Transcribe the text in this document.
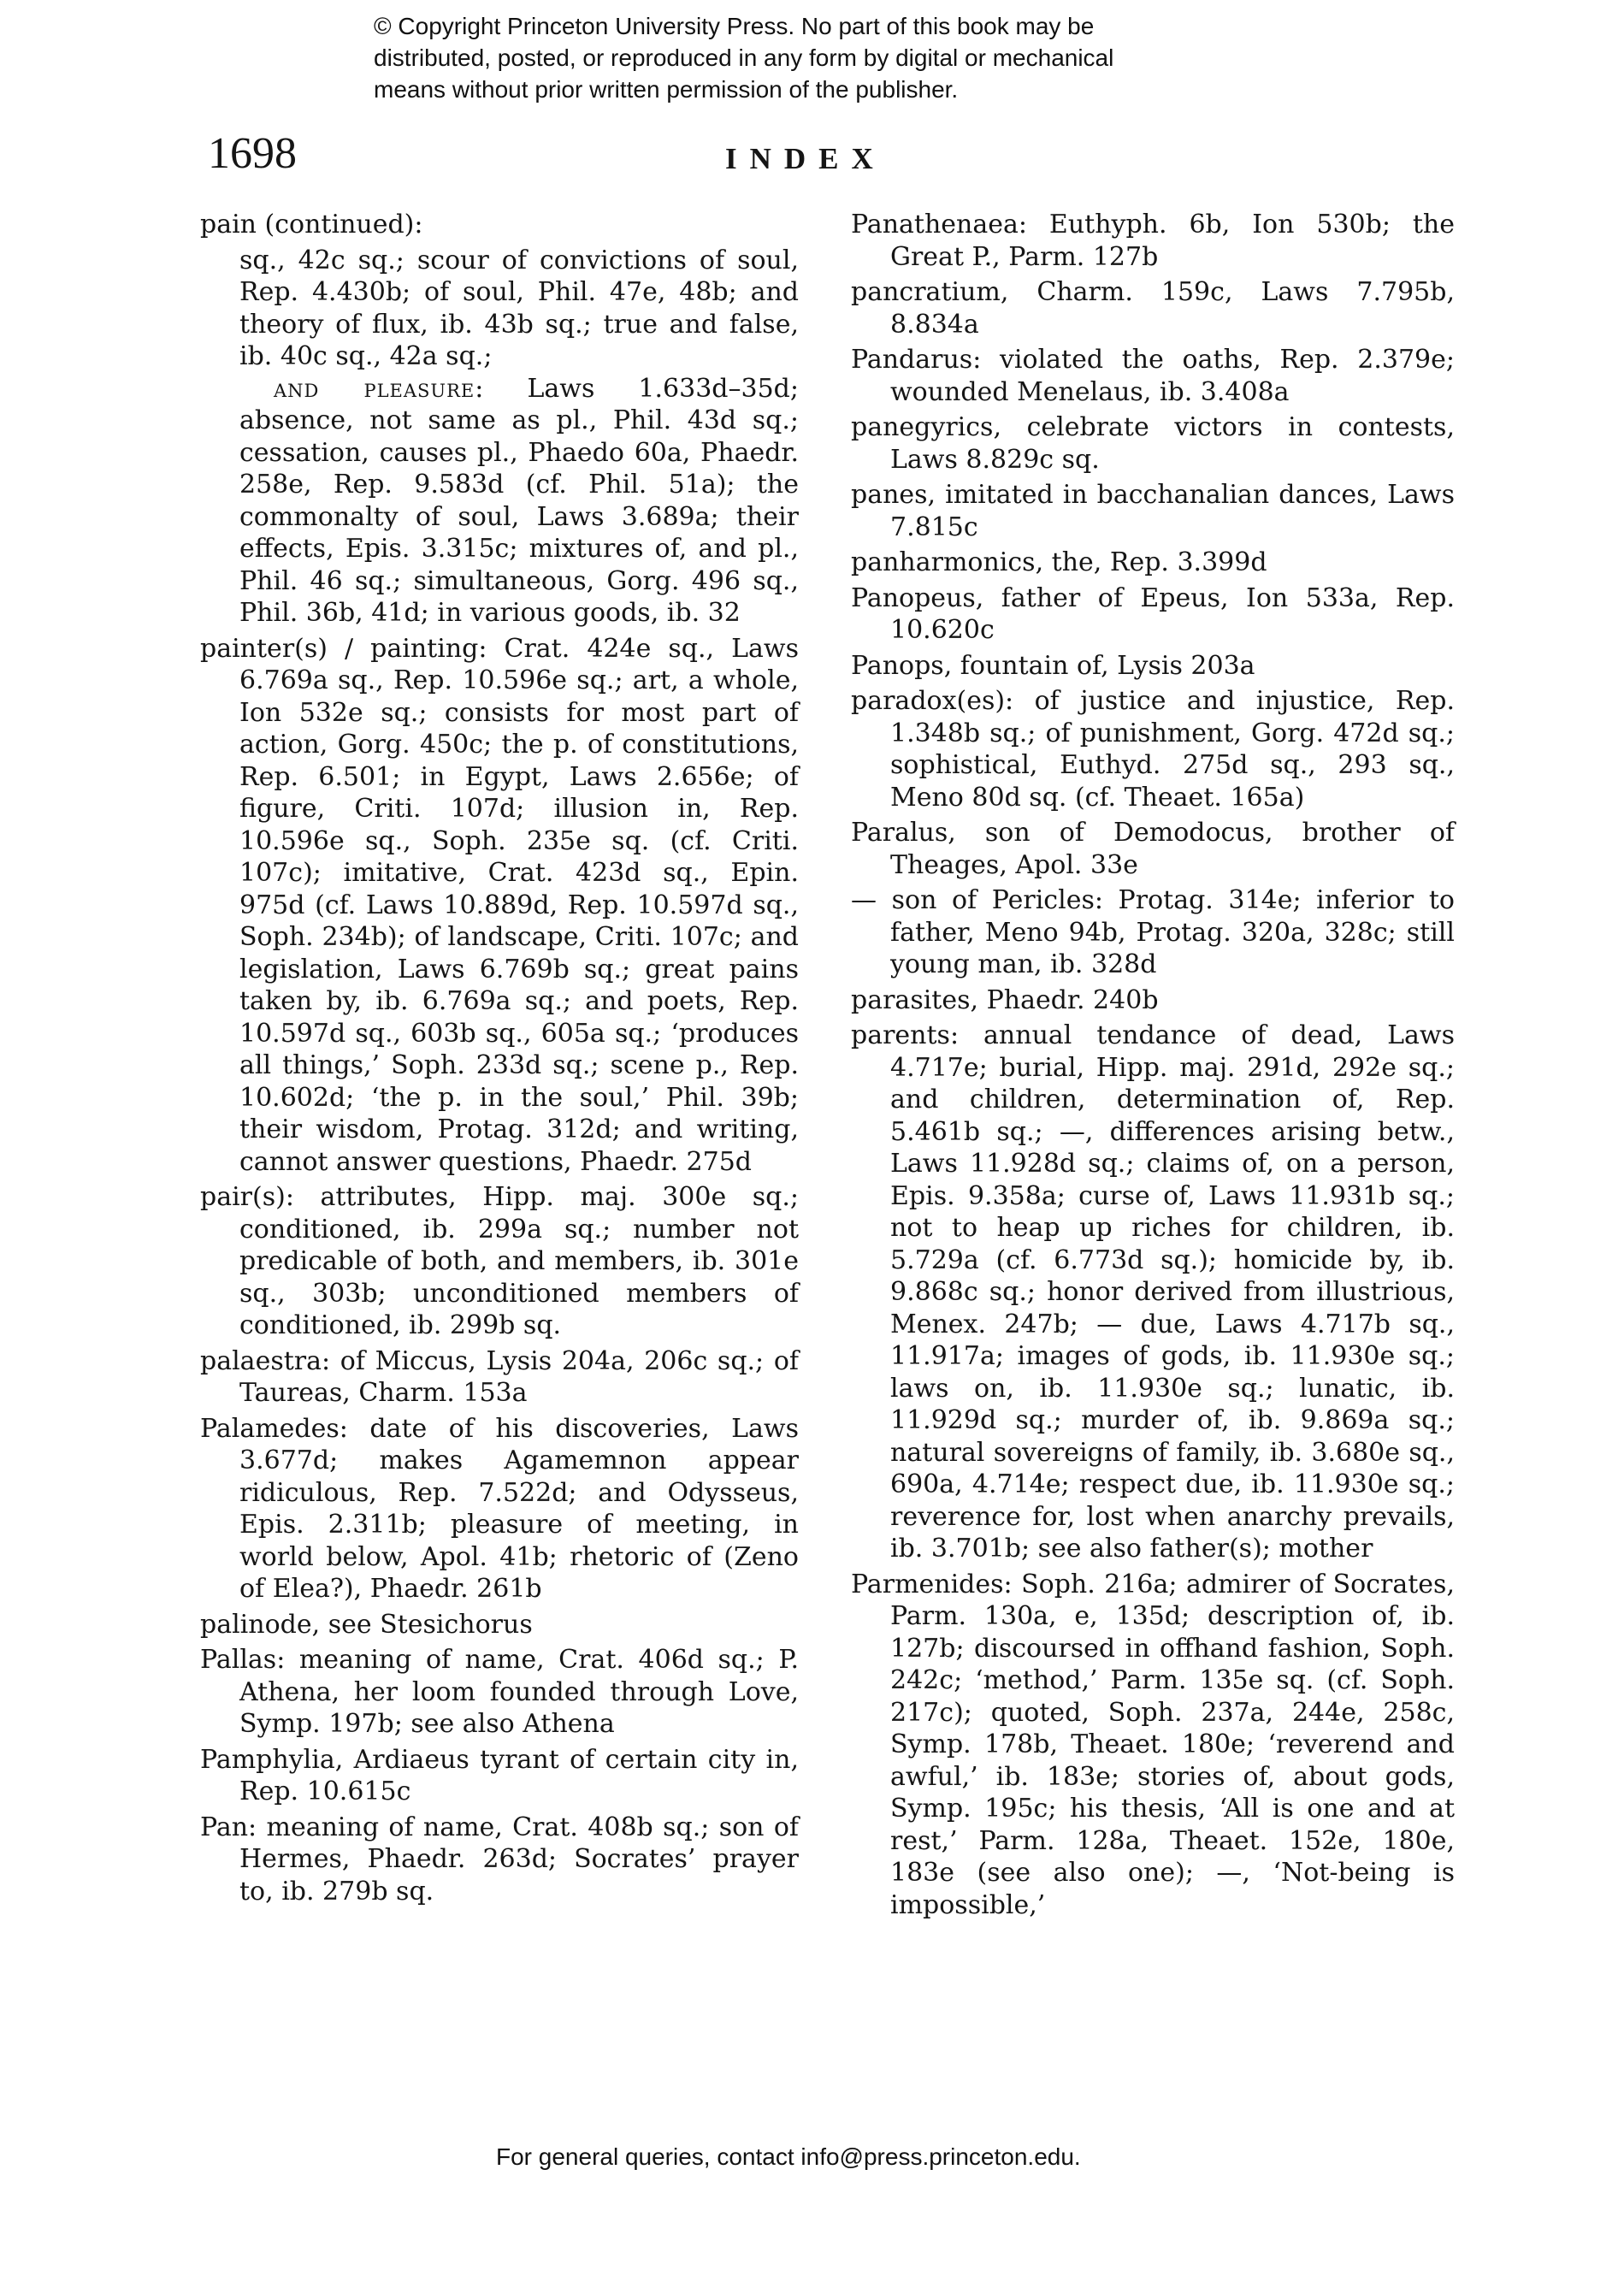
© Copyright Princeton University Press. No part of this book may be
distributed, posted, or reproduced in any form by digital or mechanical
means without prior written permission of the publisher.
1698	INDEX

pain (continued):

sq., 42c sq.; scour of convictions of soul, Rep. 4.430b; of soul, Phil. 47e, 48b; and theory of flux, ib. 43b sq.; true and false, ib. 40c sq., 42a sq.;
and pleasure: Laws 1.633d–35d; absence, not same as pl., Phil. 43d sq.; cessation, causes pl., Phaedo 60a, Phaedr. 258e, Rep. 9.583d (cf. Phil. 51a); the commonalty of soul, Laws 3.689a; their effects, Epis. 3.315c; mixtures of, and pl., Phil. 46 sq.; simultaneous, Gorg. 496 sq., Phil. 36b, 41d; in various goods, ib. 32

painter(s) / painting: Crat. 424e sq., Laws 6.769a sq., Rep. 10.596e sq.; art, a whole, Ion 532e sq.; consists for most part of action, Gorg. 450c; the p. of constitutions, Rep. 6.501; in Egypt, Laws 2.656e; of figure, Criti. 107d; illusion in, Rep. 10.596e sq., Soph. 235e sq. (cf. Criti. 107c); imitative, Crat. 423d sq., Epin. 975d (cf. Laws 10.889d, Rep. 10.597d sq., Soph. 234b); of landscape, Criti. 107c; and legislation, Laws 6.769b sq.; great pains taken by, ib. 6.769a sq.; and poets, Rep. 10.597d sq., 603b sq., 605a sq.; ‘produces all things,’ Soph. 233d sq.; scene p., Rep. 10.602d; ‘the p. in the soul,’ Phil. 39b; their wisdom, Protag. 312d; and writing, cannot answer questions, Phaedr. 275d

pair(s): attributes, Hipp. maj. 300e sq.; conditioned, ib. 299a sq.; number not predicable of both, and members, ib. 301e sq., 303b; unconditioned members of conditioned, ib. 299b sq.

palaestra: of Miccus, Lysis 204a, 206c sq.; of Taureas, Charm. 153a

Palamedes: date of his discoveries, Laws 3.677d; makes Agamemnon appear ridiculous, Rep. 7.522d; and Odysseus, Epis. 2.311b; pleasure of meeting, in world below, Apol. 41b; rhetoric of (Zeno of Elea?), Phaedr. 261b

palinode, see Stesichorus

Pallas: meaning of name, Crat. 406d sq.; P. Athena, her loom founded through Love, Symp. 197b; see also Athena

Pamphylia, Ardiaeus tyrant of certain city in, Rep. 10.615c

Pan: meaning of name, Crat. 408b sq.; son of Hermes, Phaedr. 263d; Socrates’ prayer to, ib. 279b sq.

Panathenaea: Euthyph. 6b, Ion 530b; the Great P., Parm. 127b

pancratium, Charm. 159c, Laws 7.795b, 8.834a

Pandarus: violated the oaths, Rep. 2.379e; wounded Menelaus, ib. 3.408a

panegyrics, celebrate victors in contests, Laws 8.829c sq.

panes, imitated in bacchanalian dances, Laws 7.815c

panharmonics, the, Rep. 3.399d

Panopeus, father of Epeus, Ion 533a, Rep. 10.620c

Panops, fountain of, Lysis 203a

paradox(es): of justice and injustice, Rep. 1.348b sq.; of punishment, Gorg. 472d sq.; sophistical, Euthyd. 275d sq., 293 sq., Meno 80d sq. (cf. Theaet. 165a)

Paralus, son of Demodocus, brother of Theages, Apol. 33e

— son of Pericles: Protag. 314e; inferior to father, Meno 94b, Protag. 320a, 328c; still young man, ib. 328d

parasites, Phaedr. 240b

parents: annual tendance of dead, Laws 4.717e; burial, Hipp. maj. 291d, 292e sq.; and children, determination of, Rep. 5.461b sq.; —, differences arising betw., Laws 11.928d sq.; claims of, on a person, Epis. 9.358a; curse of, Laws 11.931b sq.; not to heap up riches for children, ib. 5.729a (cf. 6.773d sq.); homicide by, ib. 9.868c sq.; honor derived from illustrious, Menex. 247b; — due, Laws 4.717b sq., 11.917a; images of gods, ib. 11.930e sq.; laws on, ib. 11.930e sq.; lunatic, ib. 11.929d sq.; murder of, ib. 9.869a sq.; natural sovereigns of family, ib. 3.680e sq., 690a, 4.714e; respect due, ib. 11.930e sq.; reverence for, lost when anarchy prevails, ib. 3.701b; see also father(s); mother

Parmenides: Soph. 216a; admirer of Socrates, Parm. 130a, e, 135d; description of, ib. 127b; discoursed in offhand fashion, Soph. 242c; ‘method,’ Parm. 135e sq. (cf. Soph. 217c); quoted, Soph. 237a, 244e, 258c, Symp. 178b, Theaet. 180e; ‘reverend and awful,’ ib. 183e; stories of, about gods, Symp. 195c; his thesis, ‘All is one and at rest,’ Parm. 128a, Theaet. 152e, 180e, 183e (see also one); —, ‘Not-being is impossible,’

For general queries, contact info@press.princeton.edu.
